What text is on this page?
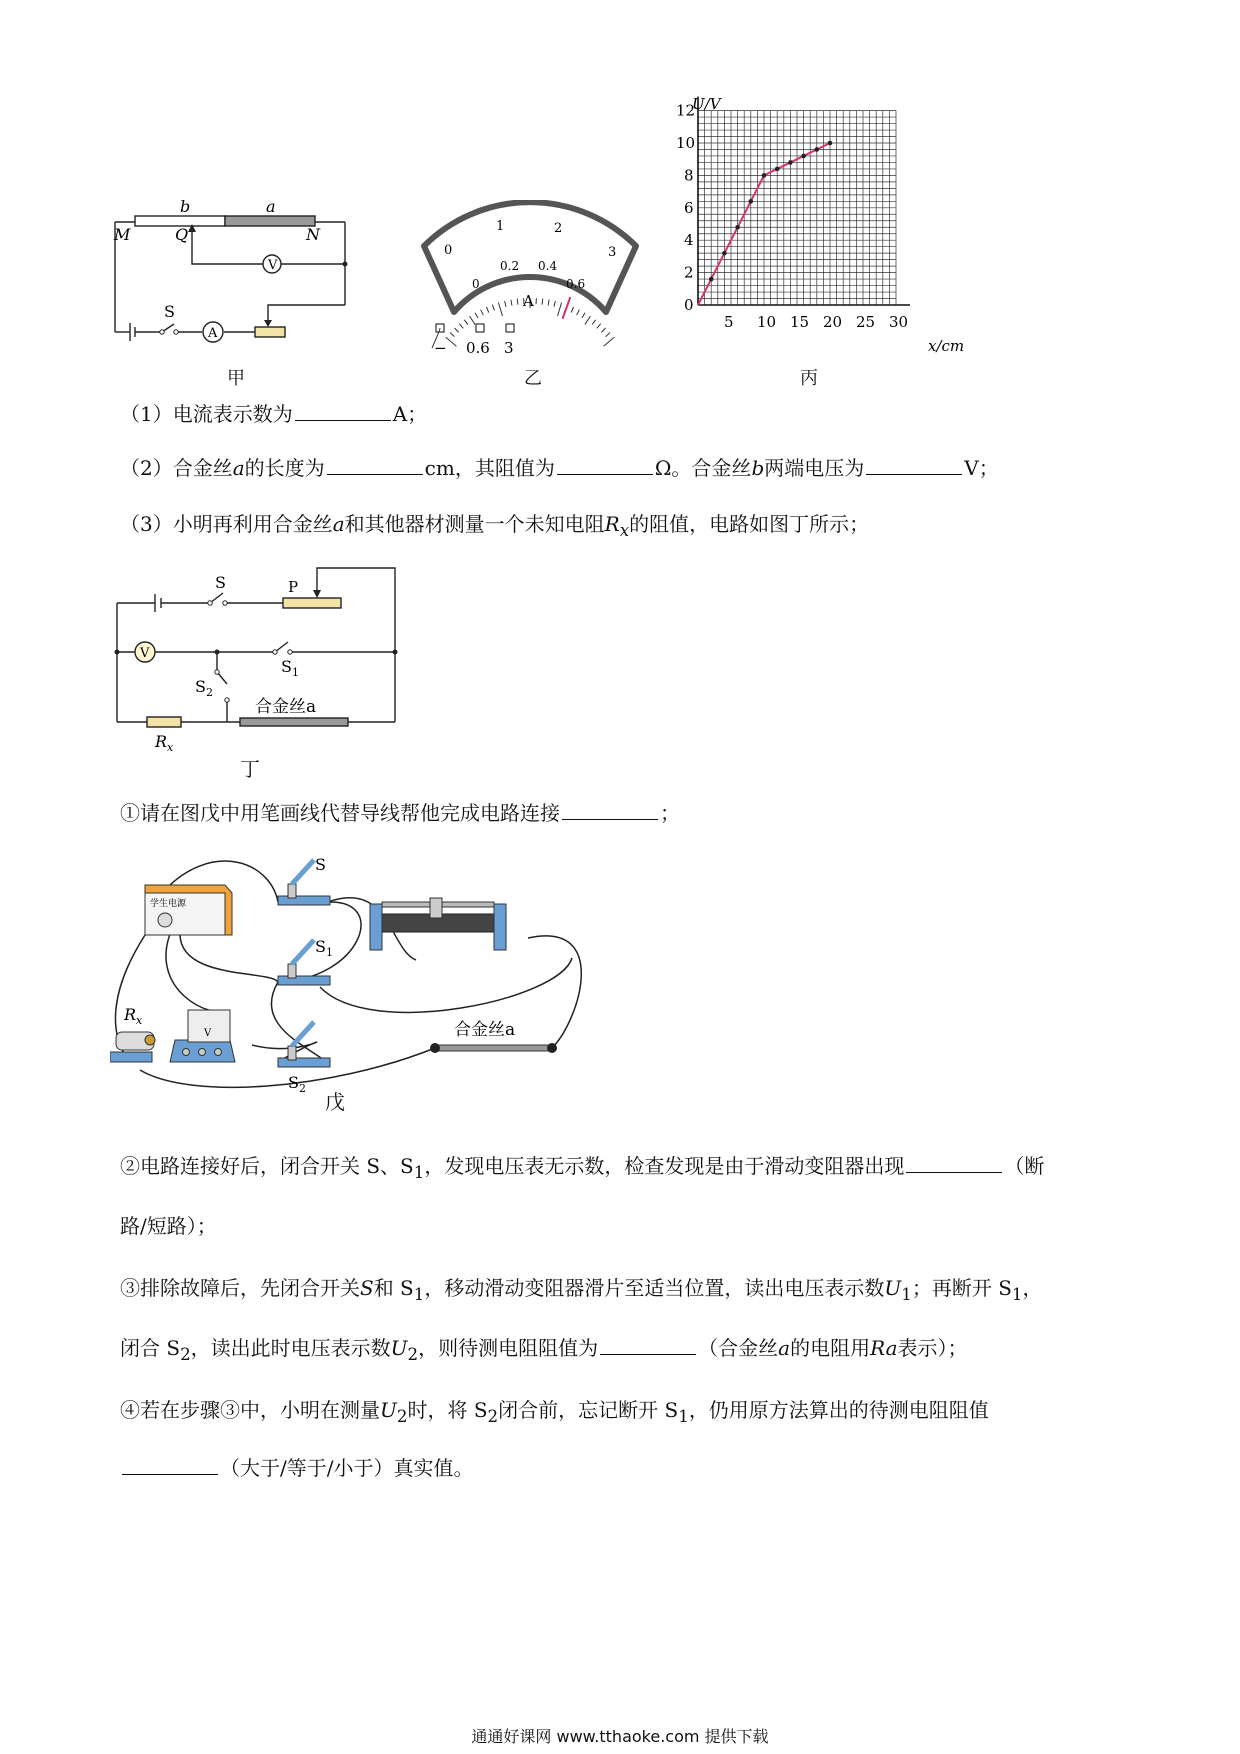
b	a
M	Q	N
V
A
S
甲
0
1	2
3
0
0.2 0.4
0.6
A
− 0.6 3
乙
5 10 15 20 25 30
0
2
4
6
8
10
12
U/V
x/cm
丙
（1）电流表示数为	A；
（2）合金丝a的长度为	cm，其阻值为	Ω。合金丝b两端电压为	V；
（3）小明再利用合金丝a和其他器材测量一个未知电阻$R_x$的阻值，电路如图丁所示；
V
S	P
$S_1$
$S_2$
$R_x$
合金丝a
丁
①请在图戊中用笔画线代替导线帮他完成电路连接	；
学生电源
S
$S_1$
$S_2$
V
$R_x$	合金丝a
戊
②电路连接好后，闭合开关 S、$S_1$，发现电压表无示数，检查发现是由于滑动变阻器出现	（断
路/短路）；
③排除故障后，先闭合开关S和 $S_1$，移动滑动变阻器滑片至适当位置，读出电压表示数$U_1$；再断开 $S_1$，
闭合 $S_2$，读出此时电压表示数$U_2$，则待测电阻阻值为	（合金丝a的电阻用Ra表示）；
④若在步骤③中，小明在测量$U_2$时，将 $S_2$闭合前，忘记断开 $S_1$，仍用原方法算出的待测电阻阻值
（大于/等于/小于）真实值。
通通好课网 www.tthaoke.com 提供下载
